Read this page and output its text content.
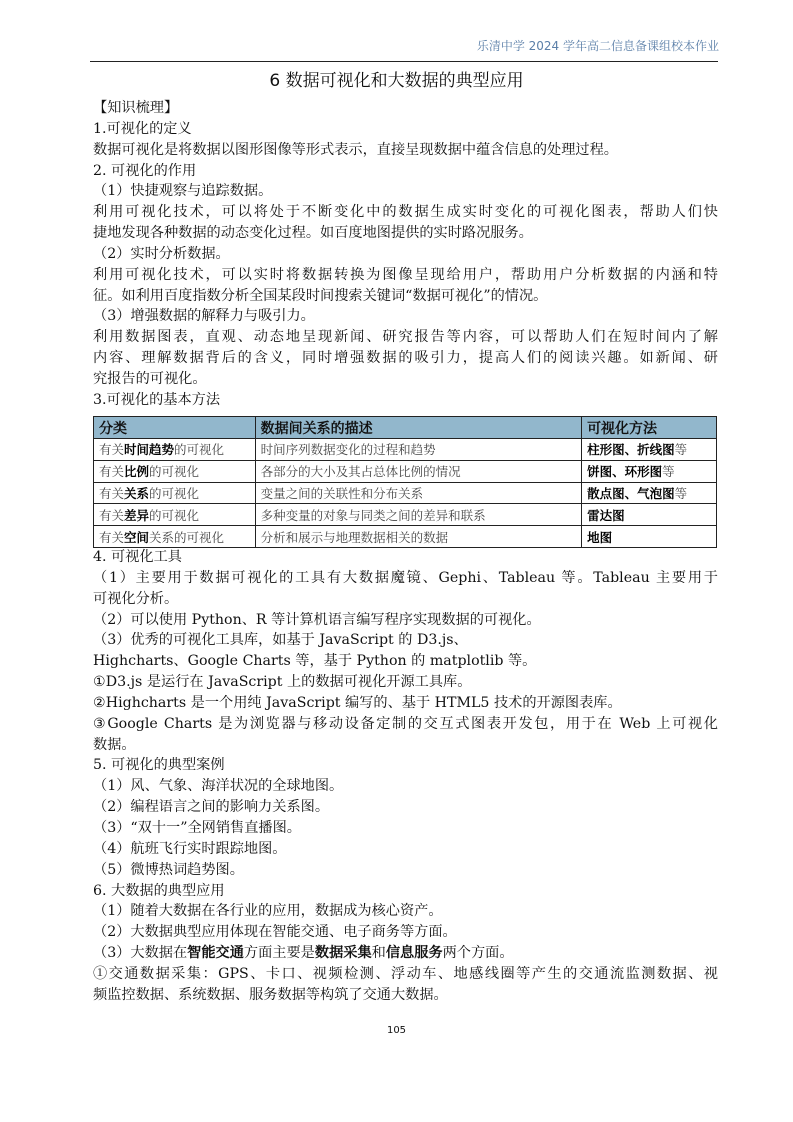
乐清中学 2024 学年高二信息备课组校本作业
6 数据可视化和大数据的典型应用
【知识梳理】
1.可视化的定义
数据可视化是将数据以图形图像等形式表示，直接呈现数据中蕴含信息的处理过程。
2. 可视化的作用
（1）快捷观察与追踪数据。
利用可视化技术，可以将处于不断变化中的数据生成实时变化的可视化图表，帮助人们快
捷地发现各种数据的动态变化过程。如百度地图提供的实时路况服务。
（2）实时分析数据。
利用可视化技术，可以实时将数据转换为图像呈现给用户，帮助用户分析数据的内涵和特
征。如利用百度指数分析全国某段时间搜索关键词“数据可视化”的情况。
（3）增强数据的解释力与吸引力。
利用数据图表，直观、动态地呈现新闻、研究报告等内容，可以帮助人们在短时间内了解
内容、理解数据背后的含义，同时增强数据的吸引力，提高人们的阅读兴趣。如新闻、研
究报告的可视化。
3.可视化的基本方法
分类	数据间关系的描述	可视化方法
有关时间趋势的可视化	时间序列数据变化的过程和趋势	柱形图、折线图等
有关比例的可视化	各部分的大小及其占总体比例的情况	饼图、环形图等
有关关系的可视化	变量之间的关联性和分布关系	散点图、气泡图等
有关差异的可视化	多种变量的对象与同类之间的差异和联系	雷达图
有关空间关系的可视化	分析和展示与地理数据相关的数据	地图
4. 可视化工具
（1）主要用于数据可视化的工具有大数据魔镜、Gephi、Tableau 等。Tableau 主要用于
可视化分析。
（2）可以使用 Python、R 等计算机语言编写程序实现数据的可视化。
（3）优秀的可视化工具库，如基于 JavaScript 的 D3.js、
Highcharts、Google Charts 等，基于 Python 的 matplotlib 等。
①D3.js 是运行在 JavaScript 上的数据可视化开源工具库。
②Highcharts 是一个用纯 JavaScript 编写的、基于 HTML5 技术的开源图表库。
③Google Charts 是为浏览器与移动设备定制的交互式图表开发包，用于在 Web 上可视化
数据。
5. 可视化的典型案例
（1）风、气象、海洋状况的全球地图。
（2）编程语言之间的影响力关系图。
（3）“双十一”全网销售直播图。
（4）航班飞行实时跟踪地图。
（5）微博热词趋势图。
6. 大数据的典型应用
（1）随着大数据在各行业的应用，数据成为核心资产。
（2）大数据典型应用体现在智能交通、电子商务等方面。
（3）大数据在智能交通方面主要是数据采集和信息服务两个方面。
①交通数据采集：GPS、卡口、视频检测、浮动车、地感线圈等产生的交通流监测数据、视
频监控数据、系统数据、服务数据等构筑了交通大数据。
105
